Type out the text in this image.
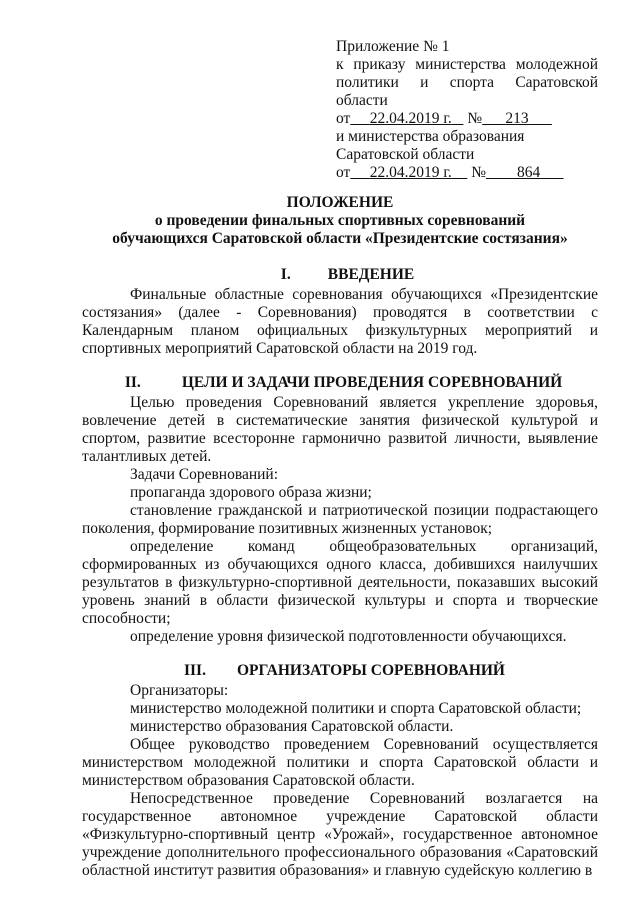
Приложение № 1

к приказу министерства молодежной политики и спорта Саратовской области

от 22.04.2019 г. № 213

и министерства образования Саратовской области

от 22.04.2019 г. № 864

ПОЛОЖЕНИЕ

о проведении финальных спортивных соревнований обучающихся Саратовской области «Президентские состязания»

I. ВВЕДЕНИЕ

Финальные областные соревнования обучающихся «Президентские состязания» (далее - Соревнования) проводятся в соответствии с Календарным планом официальных физкультурных мероприятий и спортивных мероприятий Саратовской области на 2019 год.

II.	ЦЕЛИ И ЗАДАЧИ ПРОВЕДЕНИЯ СОРЕВНОВАНИЙ

Целью проведения Соревнований является укрепление здоровья, вовлечение детей в систематические занятия физической культурой и спортом, развитие всесторонне гармонично развитой личности, выявление талантливых детей.

Задачи Соревнований:

пропаганда здорового образа жизни;

становление гражданской и патриотической позиции подрастающего поколения, формирование позитивных жизненных установок;

определение команд общеобразовательных организаций, сформированных из обучающихся одного класса, добившихся наилучших результатов в физкультурно-спортивной деятельности, показавших высокий уровень знаний в области физической культуры и спорта и творческие способности;

определение уровня физической подготовленности обучающихся.

III. ОРГАНИЗАТОРЫ СОРЕВНОВАНИЙ

Организаторы:

министерство молодежной политики и спорта Саратовской области;

министерство образования Саратовской области.

Общее руководство проведением Соревнований осуществляется министерством молодежной политики и спорта Саратовской области и министерством образования Саратовской области.

Непосредственное проведение Соревнований возлагается на государственное автономное учреждение Саратовской области «Физкультурно-спортивный центр «Урожай», государственное автономное учреждение дополнительного профессионального образования «Саратовский областной институт развития образования» и главную судейскую коллегию в
